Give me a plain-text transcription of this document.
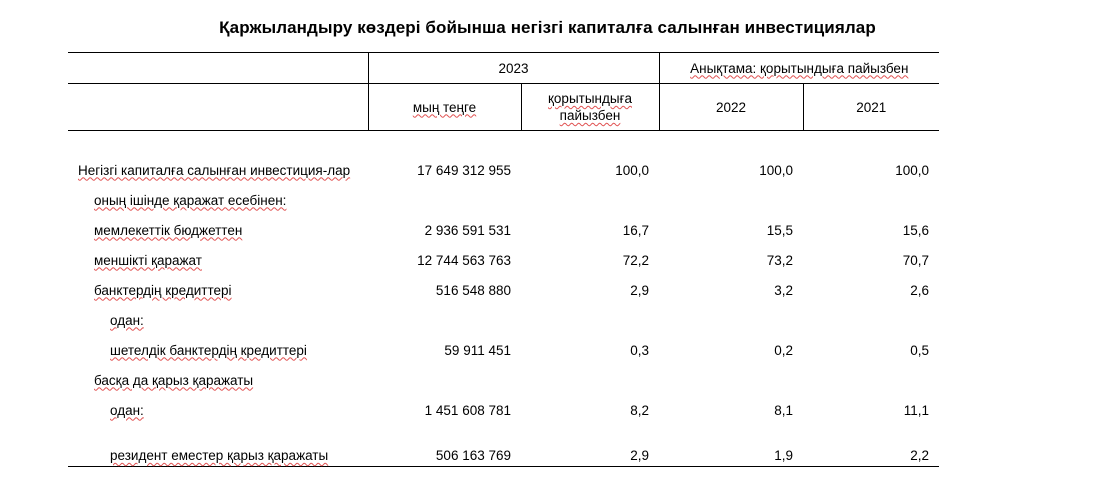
Қаржыландыру көздері бойынша негізгі капиталға салынған инвестициялар
	2023		Анықтама: қорытындыға пайызбен	
	мың теңге	қорытындыға пайызбен	2022	2021
Негізгі капиталға салынған инвестиция-лар	17 649 312 955	100,0	100,0	100,0
оның ішінде қаражат есебінен:				
мемлекеттік бюджеттен	2 936 591 531	16,7	15,5	15,6
меншікті қаражат	12 744 563 763	72,2	73,2	70,7
банктердің кредиттері	516 548 880	2,9	3,2	2,6
одан:				
шетелдік банктердің кредиттері	59 911 451	0,3	0,2	0,5
басқа да қарыз қаражаты				
одан:	1 451 608 781	8,2	8,1	11,1
резидент еместер қарыз қаражаты	506 163 769	2,9	1,9	2,2
